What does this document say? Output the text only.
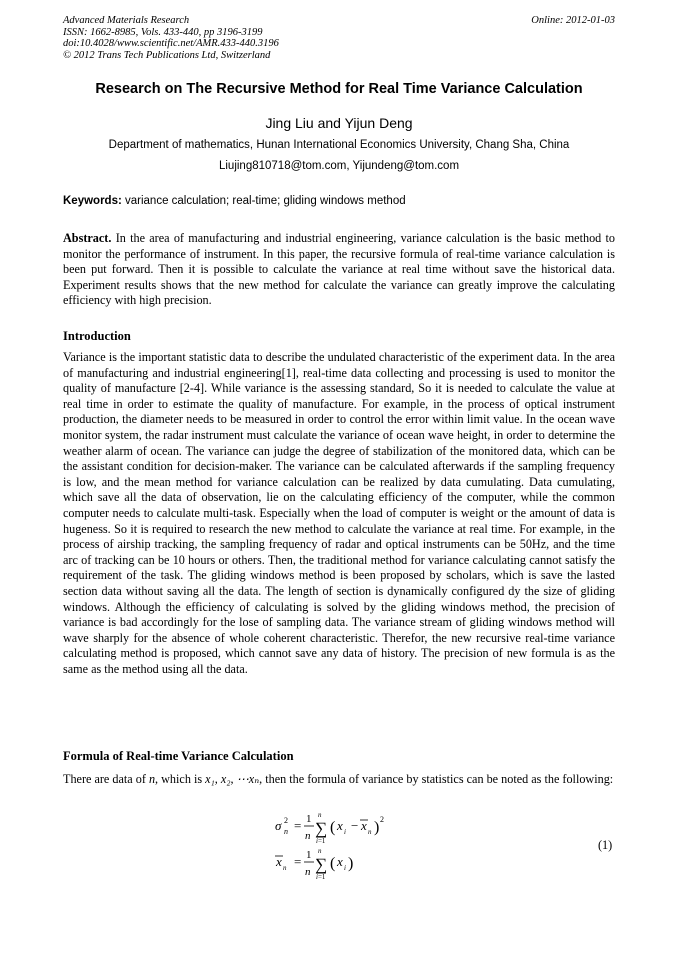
Advanced Materials Research
ISSN: 1662-8985, Vols. 433-440, pp 3196-3199
doi:10.4028/www.scientific.net/AMR.433-440.3196
© 2012 Trans Tech Publications Ltd, Switzerland
Online: 2012-01-03
Research on The Recursive Method for Real Time Variance Calculation
Jing Liu and Yijun Deng
Department of mathematics, Hunan International Economics University, Chang Sha, China
Liujing810718@tom.com, Yijundeng@tom.com
Keywords: variance calculation; real-time; gliding windows method
Abstract. In the area of manufacturing and industrial engineering, variance calculation is the basic method to monitor the performance of instrument. In this paper, the recursive formula of real-time variance calculation is been put forward. Then it is possible to calculate the variance at real time without save the historical data. Experiment results shows that the new method for calculate the variance can greatly improve the calculating efficiency with high precision.
Introduction
Variance is the important statistic data to describe the undulated characteristic of the experiment data. In the area of manufacturing and industrial engineering[1], real-time data collecting and processing is used to monitor the quality of manufacture [2-4]. While variance is the assessing standard, So it is needed to calculate the value at real time in order to estimate the quality of manufacture. For example, in the process of optical instrument production, the diameter needs to be measured in order to control the error within limit value. In the ocean wave monitor system, the radar instrument must calculate the variance of ocean wave height, in order to determine the weather alarm of ocean. The variance can judge the degree of stabilization of the monitored data, which can be the assistant condition for decision-maker. The variance can be calculated afterwards if the sampling frequency is low, and the mean method for variance calculation can be realized by data cumulating. Data cumulating, which save all the data of observation, lie on the calculating efficiency of the computer, while the common computer needs to calculate multi-task. Especially when the load of computer is weight or the amount of data is hugeness. So it is required to research the new method to calculate the variance at real time. For example, in the process of airship tracking, the sampling frequency of radar and optical instruments can be 50Hz, and the time arc of tracking can be 10 hours or others. Then, the traditional method for variance calculating cannot satisfy the requirement of the task. The gliding windows method is been proposed by scholars, which is save the lasted section data without saving all the data. The length of section is dynamically configured dy the size of gliding windows. Although the efficiency of calculating is solved by the gliding windows method, the precision of variance is bad accordingly for the lose of sampling data. The variance stream of gliding windows method will wave sharply for the absence of whole coherent characteristic. Therefor, the new recursive real-time variance calculating method is proposed, which cannot save any data of history. The precision of new formula is as the same as the method using all the data.
Formula of Real-time Variance Calculation
There are data of n, which is x₁, x₂, ⋯xₙ, then the formula of variance by statistics can be noted as the following:
σ 2
n = 1
n
n
∑
i=1
( x i − x n ) 2
x n = 1
n
n
∑
i=1
( x i )
(1)
